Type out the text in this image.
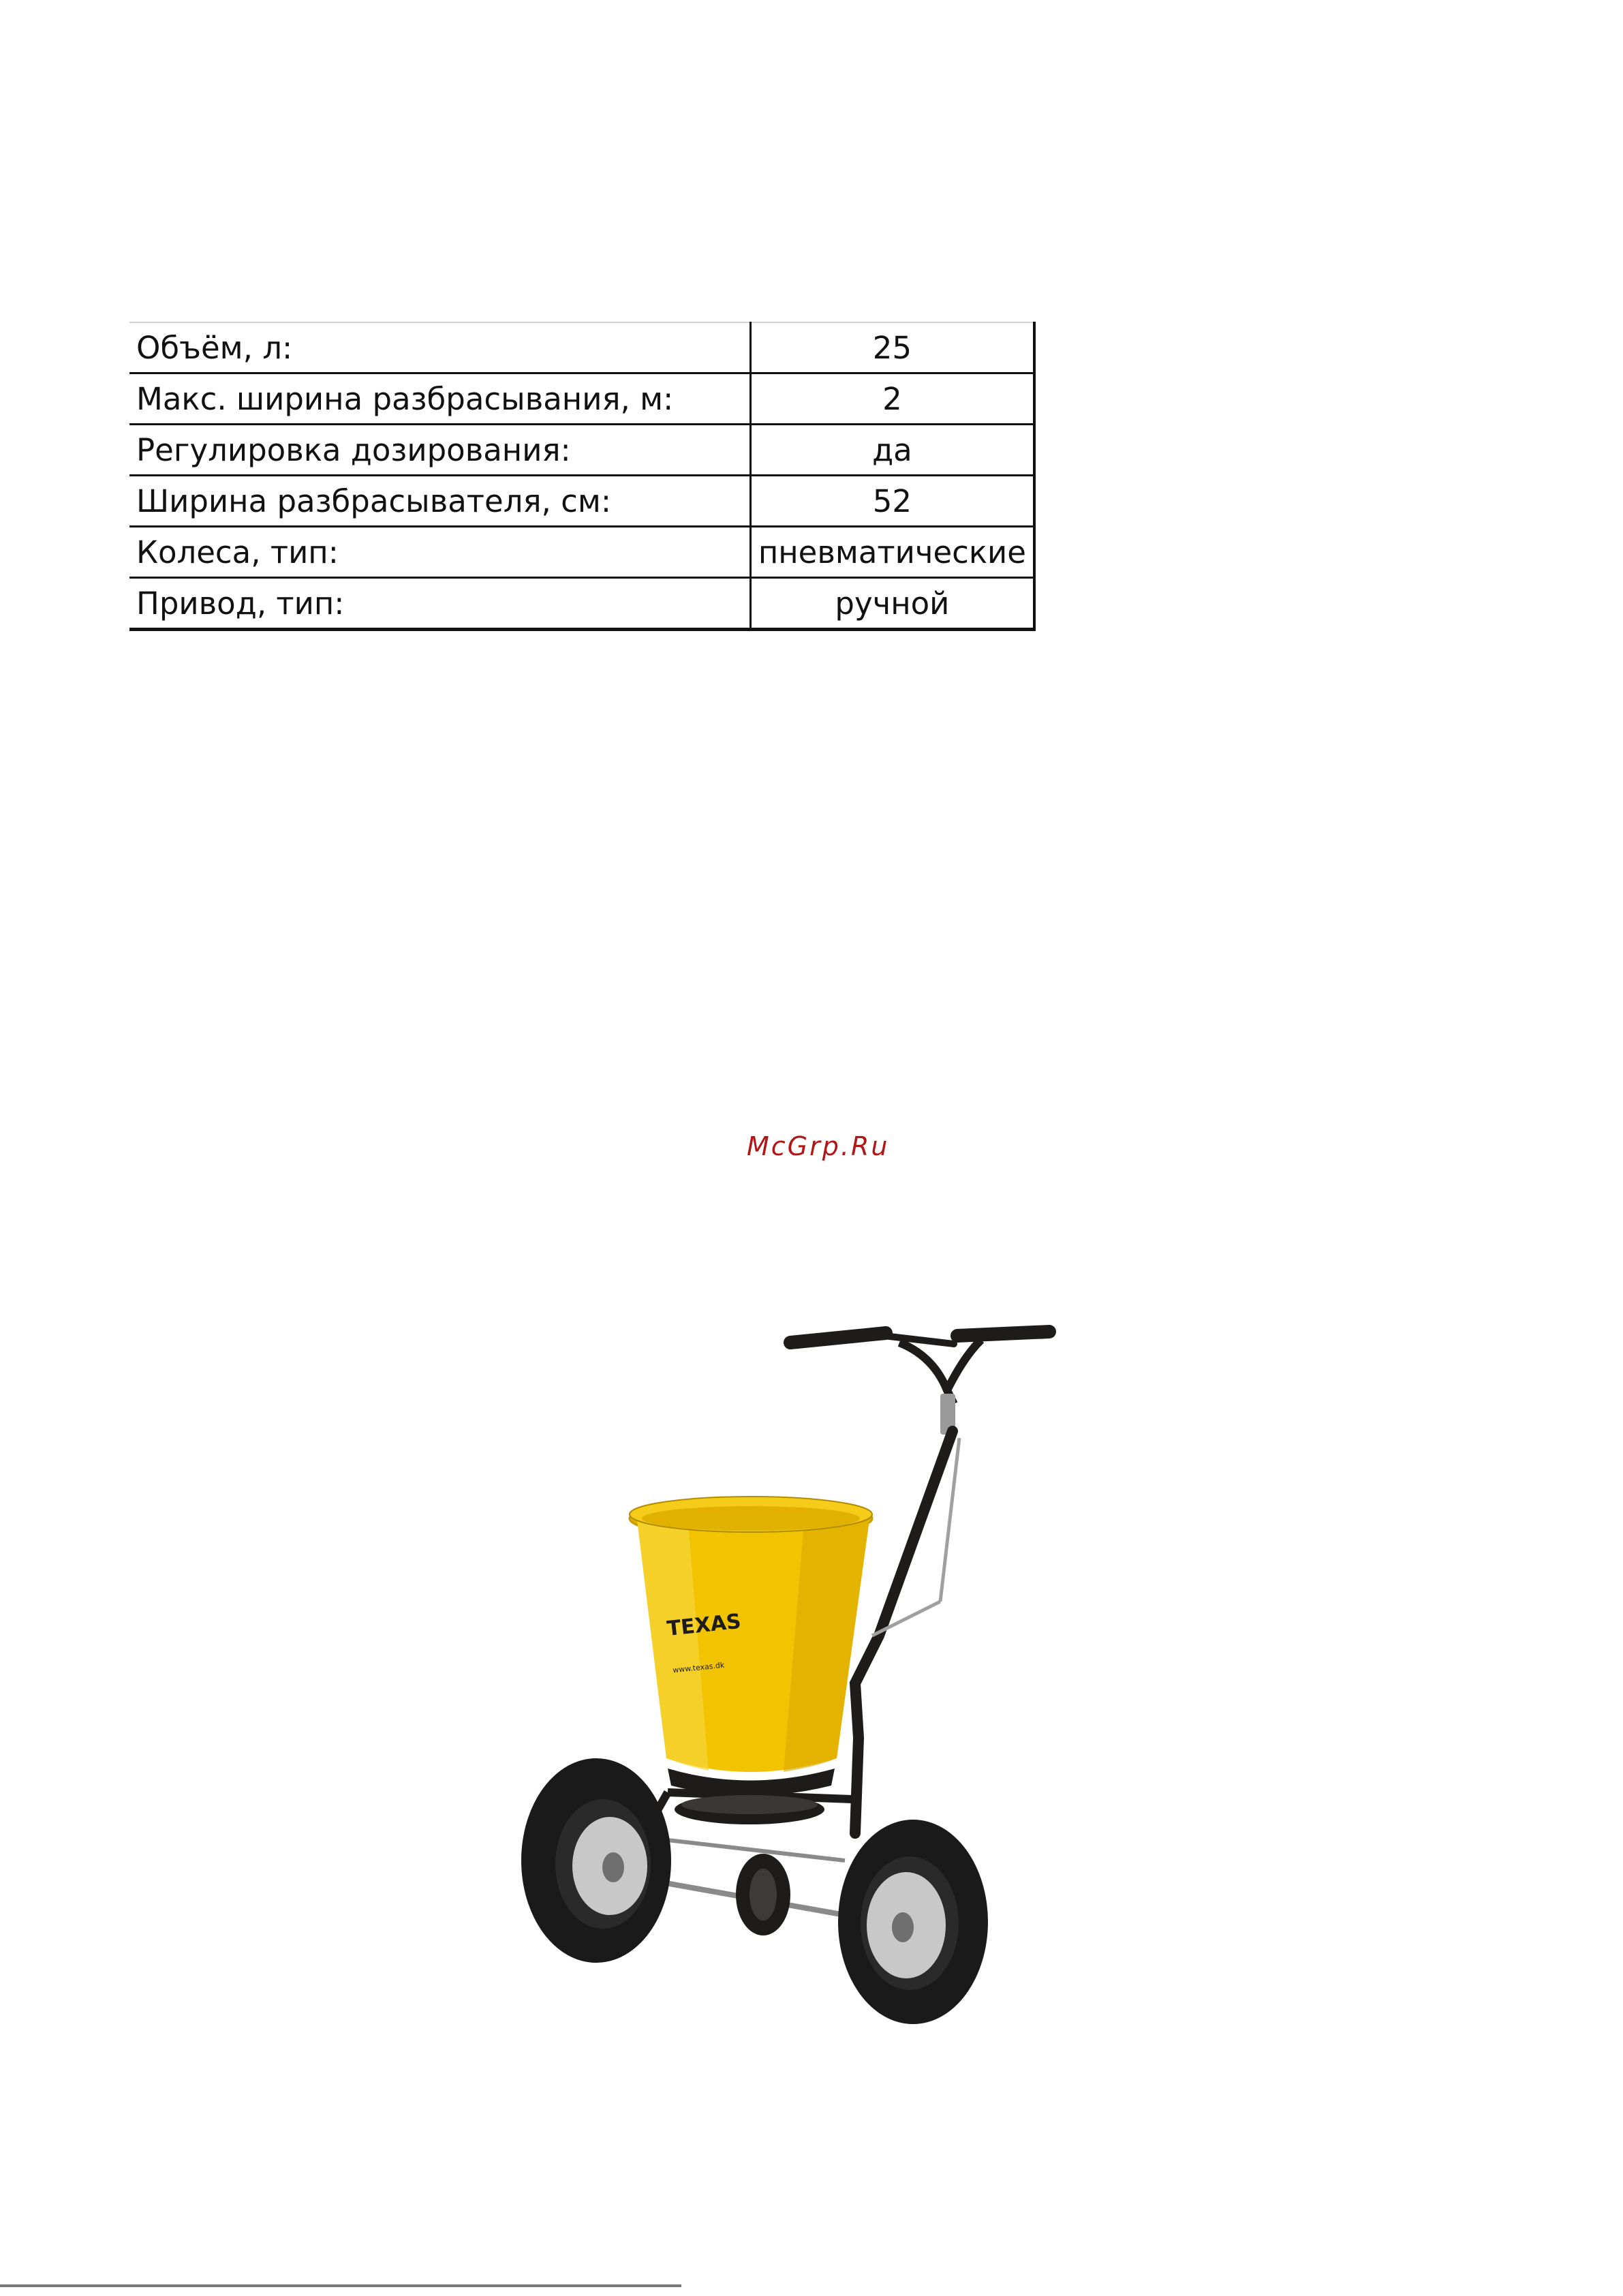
Объём, л:	25
Макс. ширина разбрасывания, м:	2
Регулировка дозирования:	да
Ширина разбрасывателя, см:	52
Колеса, тип:	пневматические
Привод, тип:	ручной
McGrp.Ru
TEXAS
www.texas.dk
